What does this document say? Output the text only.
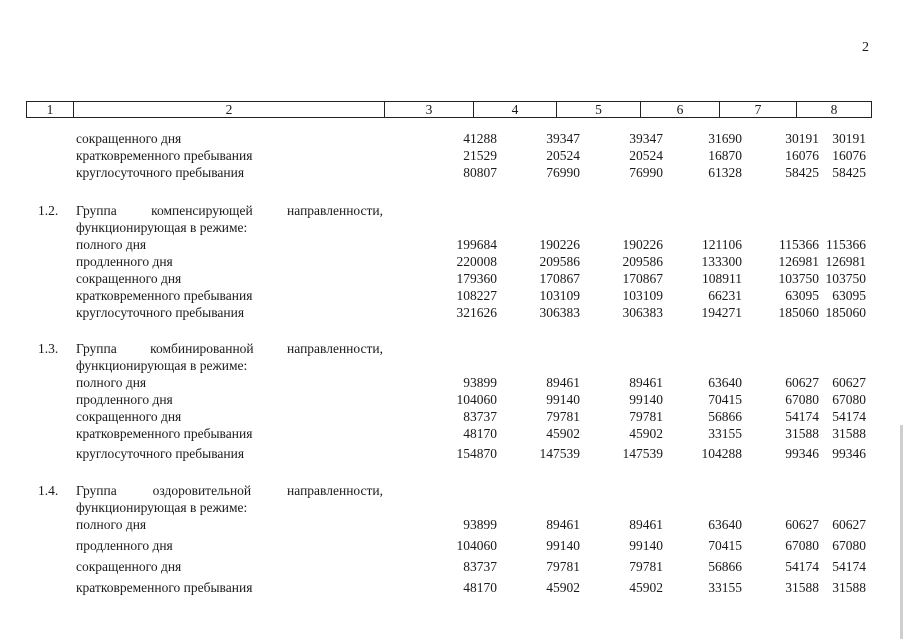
2
1	2	3	4	5	6	7	8
сокращенного дня	41288	39347	39347	31690	30191 30191
кратковременного пребывания	21529	20524	20524	16870	16076 16076
круглосуточного пребывания	80807	76990	76990	61328	58425 58425
1.2. Группа компенсирующей направленности,
функционирующая в режиме:
полного дня	199684	190226	190226	121106	115366 115366
продленного дня	220008	209586	209586	133300	126981 126981
сокращенного дня	179360	170867	170867	108911	103750 103750
кратковременного пребывания	108227	103109	103109	66231	63095 63095
круглосуточного пребывания	321626	306383	306383	194271	185060 185060
1.3. Группа комбинированной направленности,
функционирующая в режиме:
полного дня	93899	89461	89461	63640	60627 60627
продленного дня	104060	99140	99140	70415	67080 67080
сокращенного дня	83737	79781	79781	56866	54174 54174
кратковременного пребывания	48170	45902	45902	33155	31588 31588
круглосуточного пребывания	154870	147539	147539	104288	99346 99346
1.4. Группа оздоровительной направленности,
функционирующая в режиме:
полного дня	93899	89461	89461	63640	60627 60627
продленного дня	104060	99140	99140	70415	67080 67080
сокращенного дня	83737	79781	79781	56866	54174 54174
кратковременного пребывания	48170	45902	45902	33155	31588 31588
